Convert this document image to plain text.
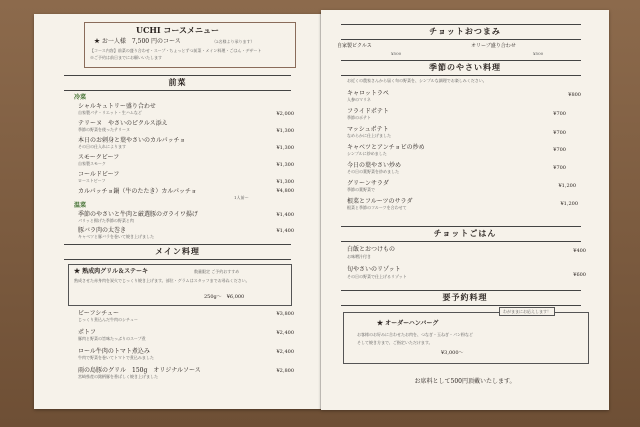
UCHI コースメニュー
★ お一人様　7,500 円のコース	（2名様より承ります）
【コース内容】前菜の盛り合わせ・スープ・ちょっとずつ前菜・メイン料理・ごはん・デザート
※ご予約は前日までにお願いいたします
前菜
冷菜
シャルキュトリー盛り合わせ
自家製パテ・リエット・生ハムなど	¥2,000
テリーヌ　やさいのピクルス添え
季節の野菜を使ったテリーヌ	¥1,300
本日のお刺身と葉やさいのカルパッチョ
その日の仕入れによります	¥1,300
スモークビーフ
自家製スモーク	¥1,300
コールドビーフ
ローストビーフ	¥1,300
カルパッチョ鍋（牛のたたき）カルパッチョ
1人前〜
¥4,800
温菜
季節のやさいと牛肉と厳選豚のガライワ揚げ
パリッと揚げた季節の野菜と肉
¥1,400
豚バラ肉の太巻き
キャベツと豚バラを巻いて焼き上げました
¥1,400
メイン料理
★ 熟成肉グリル＆ステーキ	数量限定 ご予約おすすめ
熟成させた赤身肉を炭火でじっくり焼き上げます。部位・グラムはスタッフまでお尋ねください。
250g〜　¥6,000
ビーフシチュー
じっくり煮込んだ牛肉のシチュー
¥3,800
ポトフ
豚肉と野菜の旨味たっぷりのスープ煮
¥2,400
ロール牛肉のトマト煮込み
牛肉で野菜を巻いてトマトで煮込みました
¥2,400
雨の島豚のグリル　150g　オリジナルソース
宮崎県産の銘柄豚を香ばしく焼き上げました
¥2,800
チョットおつまみ
自家製ピクルス
¥500
オリーブ盛り合わせ
¥500
季節のやさい料理
お近くの農家さんから届く旬の野菜を、シンプルな調理でお楽しみください。
キャロットラペ
人参のマリネ
¥800
フライドポテト
季節のポテト
¥700
マッシュポテト
なめらかに仕上げました	¥700
キャベツとアンチョビの炒め
シンプルに炒めました
¥700
今日の葉やさい炒め
その日の葉野菜を炒めました
¥700
グリーンサラダ
季節の葉野菜で
¥1,200
根菜とフルーツのサラダ
根菜と季節のフルーツを合わせて
¥1,200
チョットごはん
白飯とおつけもの
お味噌汁付き
¥400
旬やさいのリゾット
その日の野菜で仕上げるリゾット	¥600
要予約料理
わがままにお応えします！
★ オーダーハンバーグ
お客様のお好みに合わせたお肉を、つなぎ・玉ねぎ・パン粉など
そして焼き方まで、ご指定いただけます。
¥3,000〜
お席料として500円頂戴いたします。
